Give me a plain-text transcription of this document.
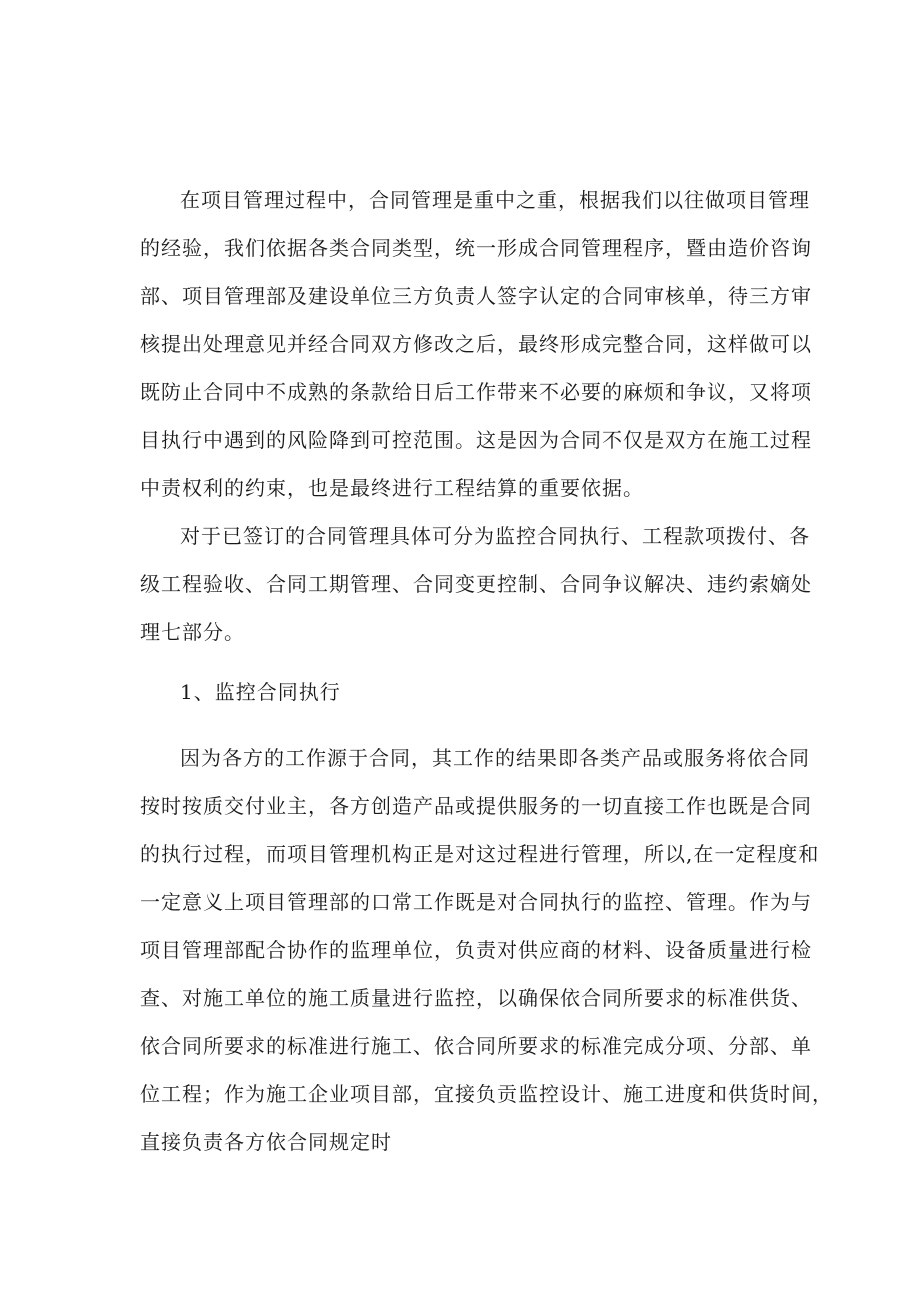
在项目管理过程中，合同管理是重中之重，根据我们以往做项目管理
的经验，我们依据各类合同类型，统一形成合同管理程序，暨由造价咨询
部、项目管理部及建设单位三方负责人签字认定的合同审核单，待三方审
核提出处理意见并经合同双方修改之后，最终形成完整合同，这样做可以
既防止合同中不成熟的条款给日后工作带来不必要的麻烦和争议，又将项
目执行中遇到的风险降到可控范围。这是因为合同不仅是双方在施工过程
中责权利的约束，也是最终进行工程结算的重要依据。
对于已签订的合同管理具体可分为监控合同执行、工程款项拨付、各
级工程验收、合同工期管理、合同变更控制、合同争议解决、违约索嫡处
理七部分。
1、监控合同执行
因为各方的工作源于合同，其工作的结果即各类产品或服务将依合同
按时按质交付业主，各方创造产品或提供服务的一切直接工作也既是合同
的执行过程，而项目管理机构正是对这过程进行管理，所以,在一定程度和
一定意义上项目管理部的口常工作既是对合同执行的监控、管理。作为与
项目管理部配合协作的监理单位，负责对供应商的材料、设备质量进行检
查、对施工单位的施工质量进行监控，以确保依合同所要求的标准供货、
依合同所要求的标准进行施工、依合同所要求的标准完成分项、分部、单
位工程；作为施工企业项目部，宜接负贡监控设计、施工进度和供货时间，
直接负责各方依合同规定时
